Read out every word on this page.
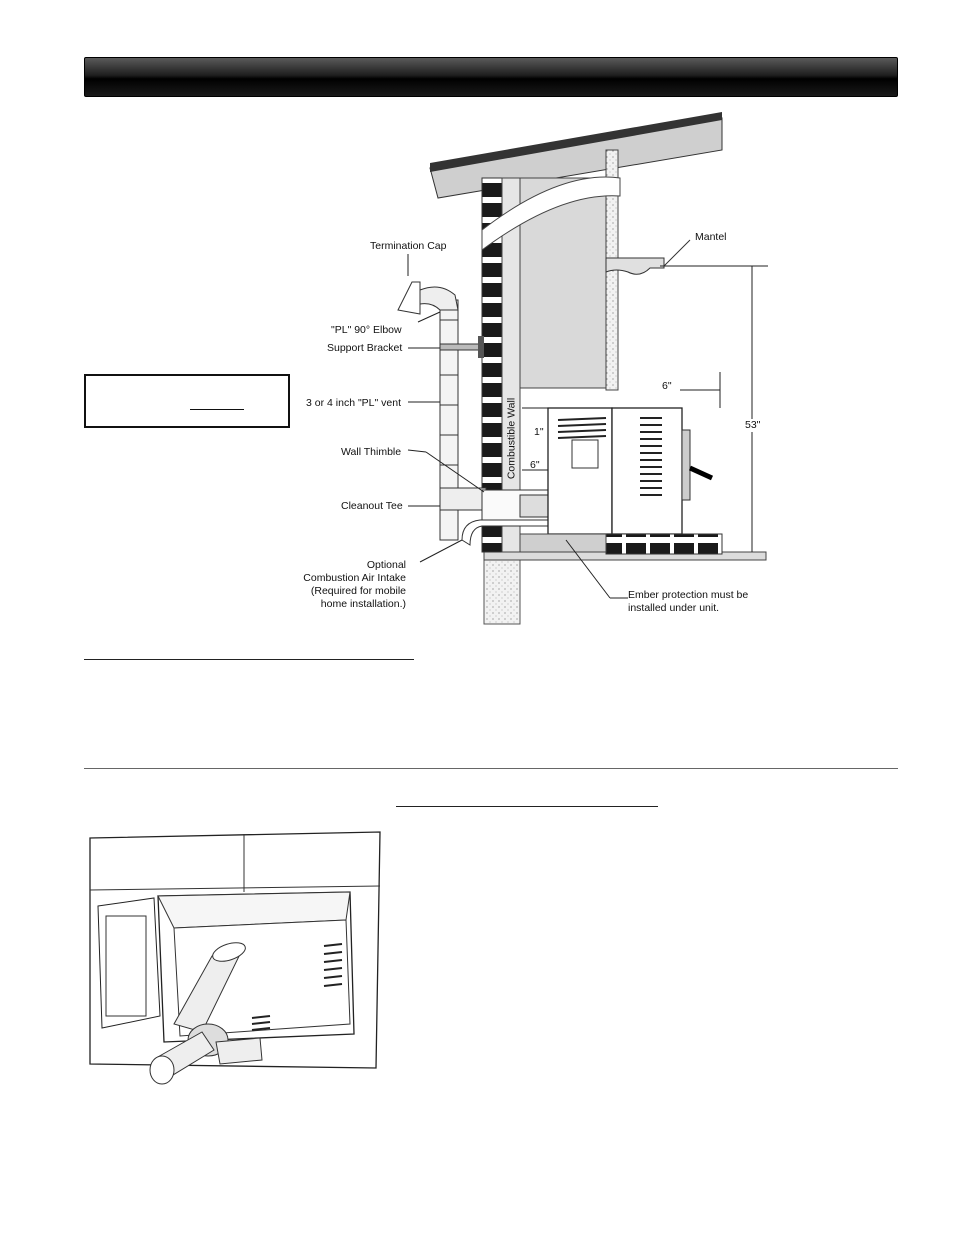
Termination Cap
"PL" 90° Elbow
Support Bracket
3 or 4 inch "PL" vent
Wall Thimble
Cleanout Tee
Optional
Combustion Air Intake
(Required for mobile
home installation.)
Mantel
Ember protection must be
installed under unit.
6"
53"
1"
6"
Combustible Wall
